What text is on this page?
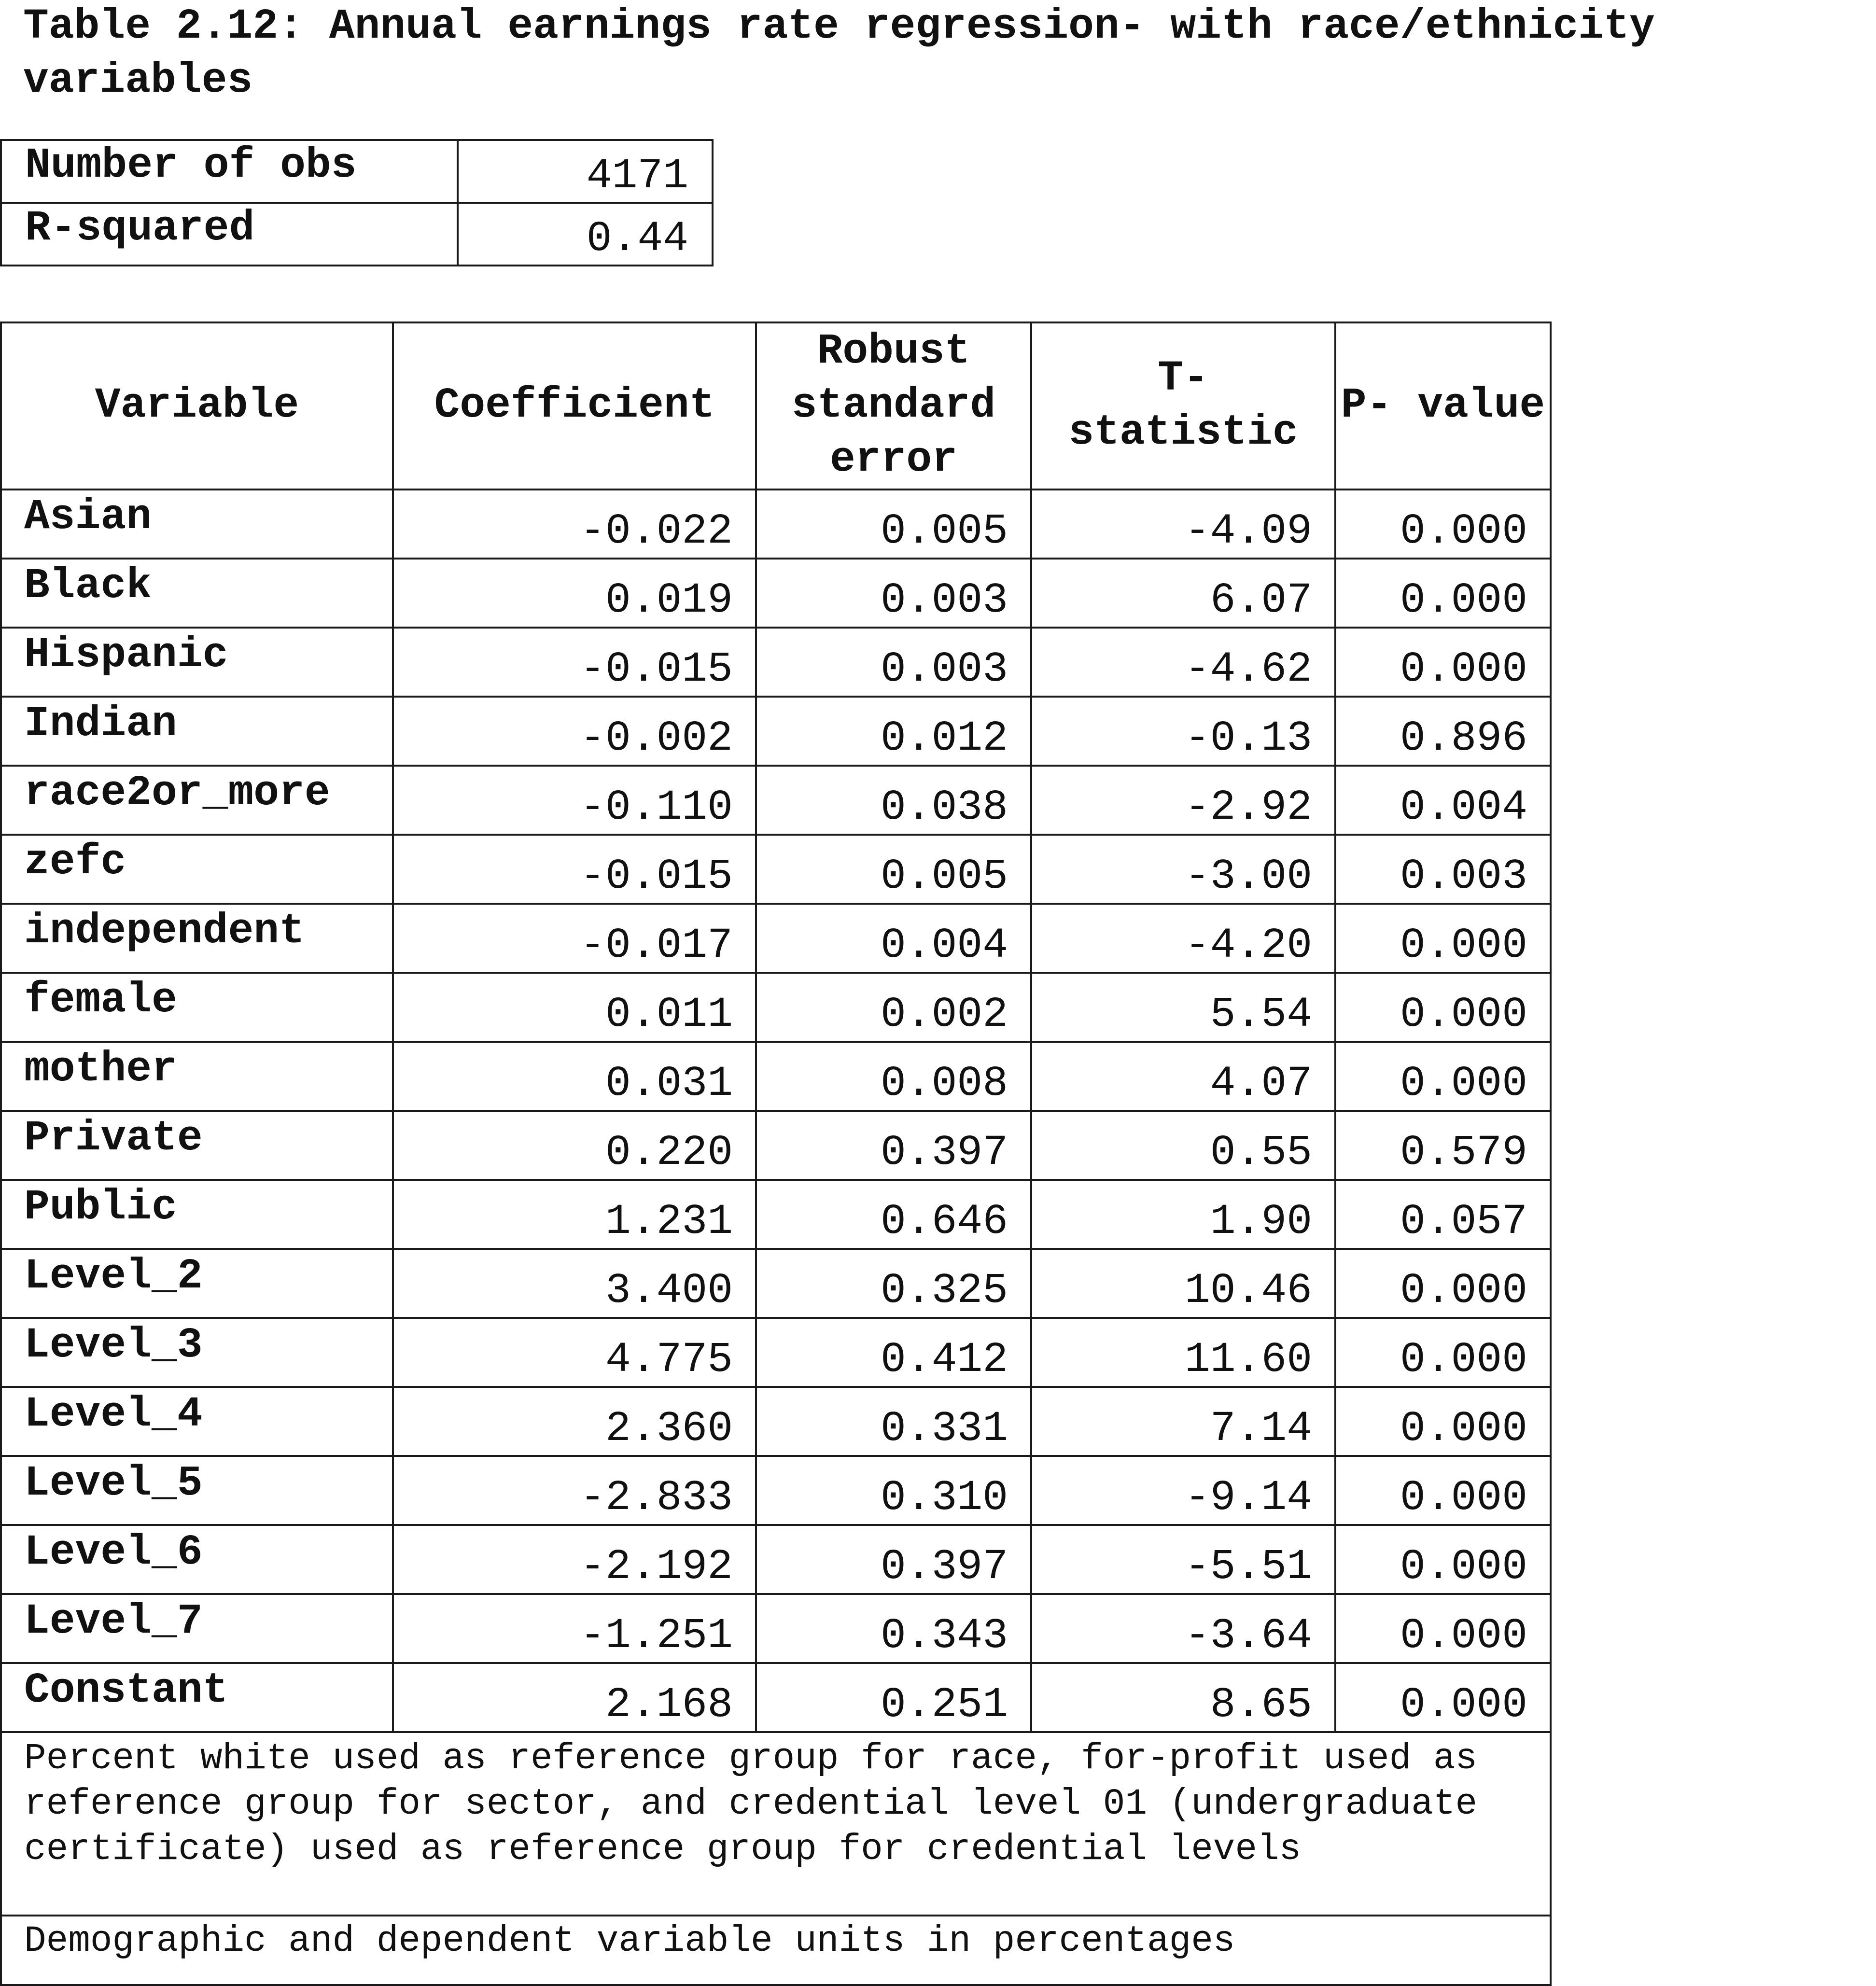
Table 2.12: Annual earnings rate regression- with race/ethnicity variables
Number of obs	4171
R-squared	0.44
Variable	Coefficient	Robust standard error	T- statistic	P- value
Asian	-0.022	0.005	-4.09	0.000
Black	0.019	0.003	6.07	0.000
Hispanic	-0.015	0.003	-4.62	0.000
Indian	-0.002	0.012	-0.13	0.896
race2or_more	-0.110	0.038	-2.92	0.004
zefc	-0.015	0.005	-3.00	0.003
independent	-0.017	0.004	-4.20	0.000
female	0.011	0.002	5.54	0.000
mother	0.031	0.008	4.07	0.000
Private	0.220	0.397	0.55	0.579
Public	1.231	0.646	1.90	0.057
Level_2	3.400	0.325	10.46	0.000
Level_3	4.775	0.412	11.60	0.000
Level_4	2.360	0.331	7.14	0.000
Level_5	-2.833	0.310	-9.14	0.000
Level_6	-2.192	0.397	-5.51	0.000
Level_7	-1.251	0.343	-3.64	0.000
Constant	2.168	0.251	8.65	0.000
Percent white used as reference group for race, for-profit used as reference group for sector, and credential level 01 (undergraduate certificate) used as reference group for credential levels				
Demographic and dependent variable units in percentages				
